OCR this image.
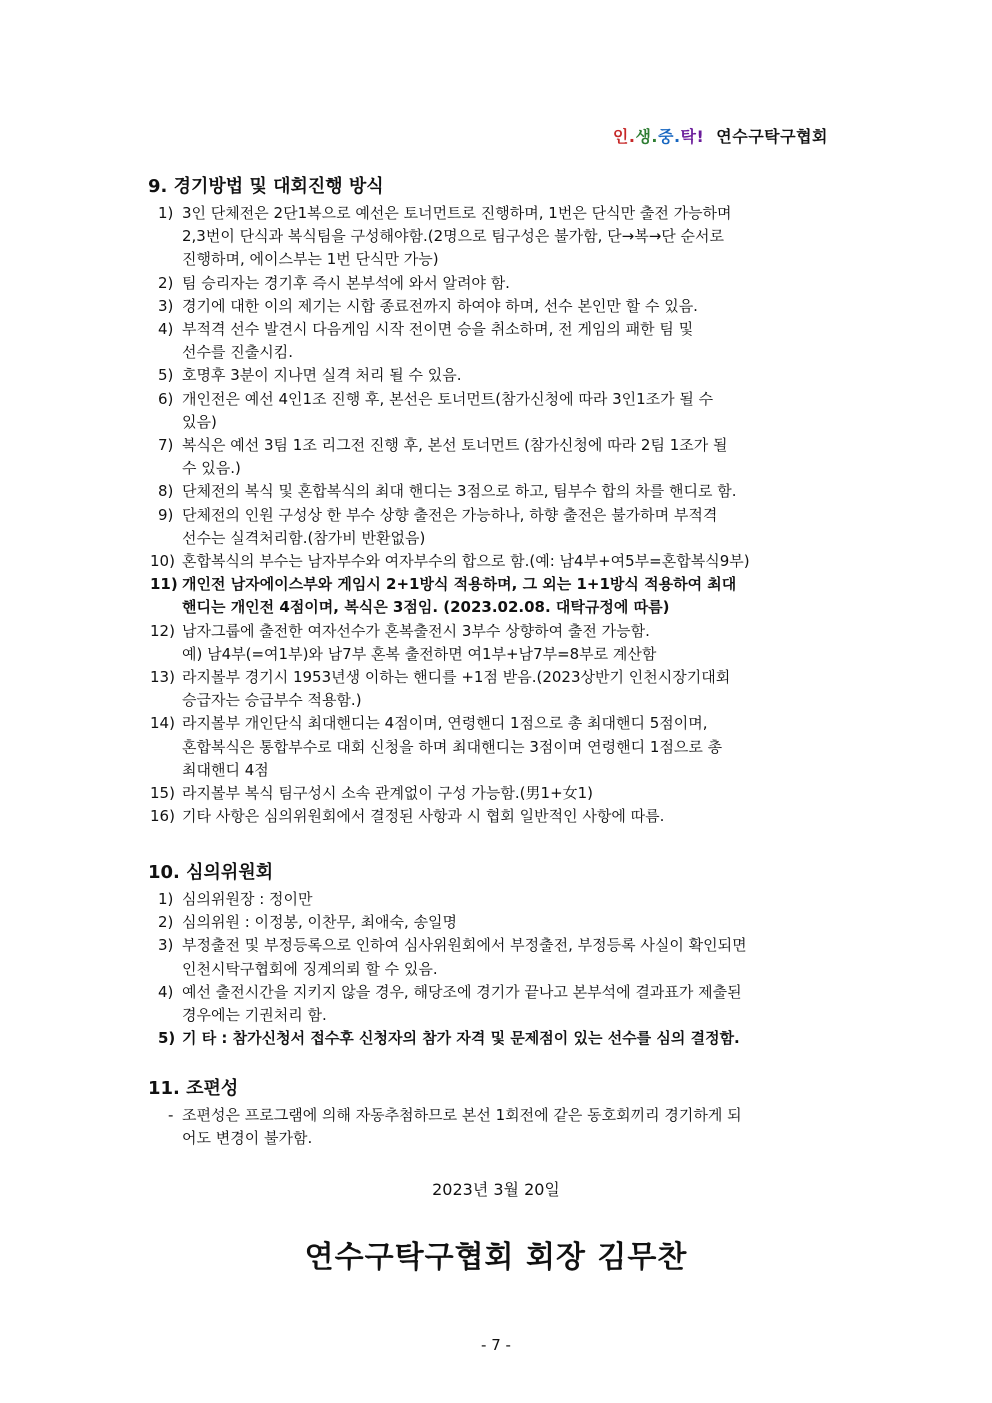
인.생.중.탁! 연수구탁구협회
9. 경기방법 및 대회진행 방식
1) 3인 단체전은 2단1복으로 예선은 토너먼트로 진행하며, 1번은 단식만 출전 가능하며
2,3번이 단식과 복식팀을 구성해야함.(2명으로 팀구성은 불가함, 단→복→단 순서로
진행하며, 에이스부는 1번 단식만 가능)
2) 팀 승리자는 경기후 즉시 본부석에 와서 알려야 함.
3) 경기에 대한 이의 제기는 시합 종료전까지 하여야 하며, 선수 본인만 할 수 있음.
4) 부적격 선수 발견시 다음게임 시작 전이면 승을 취소하며, 전 게임의 패한 팀 및
선수를 진출시킴.
5) 호명후 3분이 지나면 실격 처리 될 수 있음.
6) 개인전은 예선 4인1조 진행 후, 본선은 토너먼트(참가신청에 따라 3인1조가 될 수
있음)
7) 복식은 예선 3팀 1조 리그전 진행 후, 본선 토너먼트 (참가신청에 따라 2팀 1조가 될
수 있음.)
8) 단체전의 복식 및 혼합복식의 최대 핸디는 3점으로 하고, 팀부수 합의 차를 핸디로 함.
9) 단체전의 인원 구성상 한 부수 상향 출전은 가능하나, 하향 출전은 불가하며 부적격
선수는 실격처리함.(참가비 반환없음)
10) 혼합복식의 부수는 남자부수와 여자부수의 합으로 함.(예: 남4부+여5부=혼합복식9부)
11) 개인전 남자에이스부와 게임시 2+1방식 적용하며, 그 외는 1+1방식 적용하여 최대
핸디는 개인전 4점이며, 복식은 3점임. (2023.02.08. 대탁규정에 따름)
12) 남자그룹에 출전한 여자선수가 혼복출전시 3부수 상향하여 출전 가능함.
예) 남4부(=여1부)와 남7부 혼복 출전하면 여1부+남7부=8부로 계산함
13) 라지볼부 경기시 1953년생 이하는 핸디를 +1점 받음.(2023상반기 인천시장기대회
승급자는 승급부수 적용함.)
14) 라지볼부 개인단식 최대핸디는 4점이며, 연령핸디 1점으로 총 최대핸디 5점이며,
혼합복식은 통합부수로 대회 신청을 하며 최대핸디는 3점이며 연령핸디 1점으로 총
최대핸디 4점
15) 라지볼부 복식 팀구성시 소속 관계없이 구성 가능함.(男1+女1)
16) 기타 사항은 심의위원회에서 결정된 사항과 시 협회 일반적인 사항에 따름.
10. 심의위원회
1) 심의위원장 : 정이만
2) 심의위원 : 이정봉, 이찬무, 최애숙, 송일명
3) 부정출전 및 부정등록으로 인하여 심사위원회에서 부정출전, 부정등록 사실이 확인되면
인천시탁구협회에 징계의뢰 할 수 있음.
4) 예선 출전시간을 지키지 않을 경우, 해당조에 경기가 끝나고 본부석에 결과표가 제출된
경우에는 기권처리 함.
5) 기 타 : 참가신청서 접수후 신청자의 참가 자격 및 문제점이 있는 선수를 심의 결정함.
11. 조편성
- 조편성은 프로그램에 의해 자동추첨하므로 본선 1회전에 같은 동호회끼리 경기하게 되
어도 변경이 불가함.
2023년 3월 20일
연수구탁구협회 회장 김무찬
- 7 -
